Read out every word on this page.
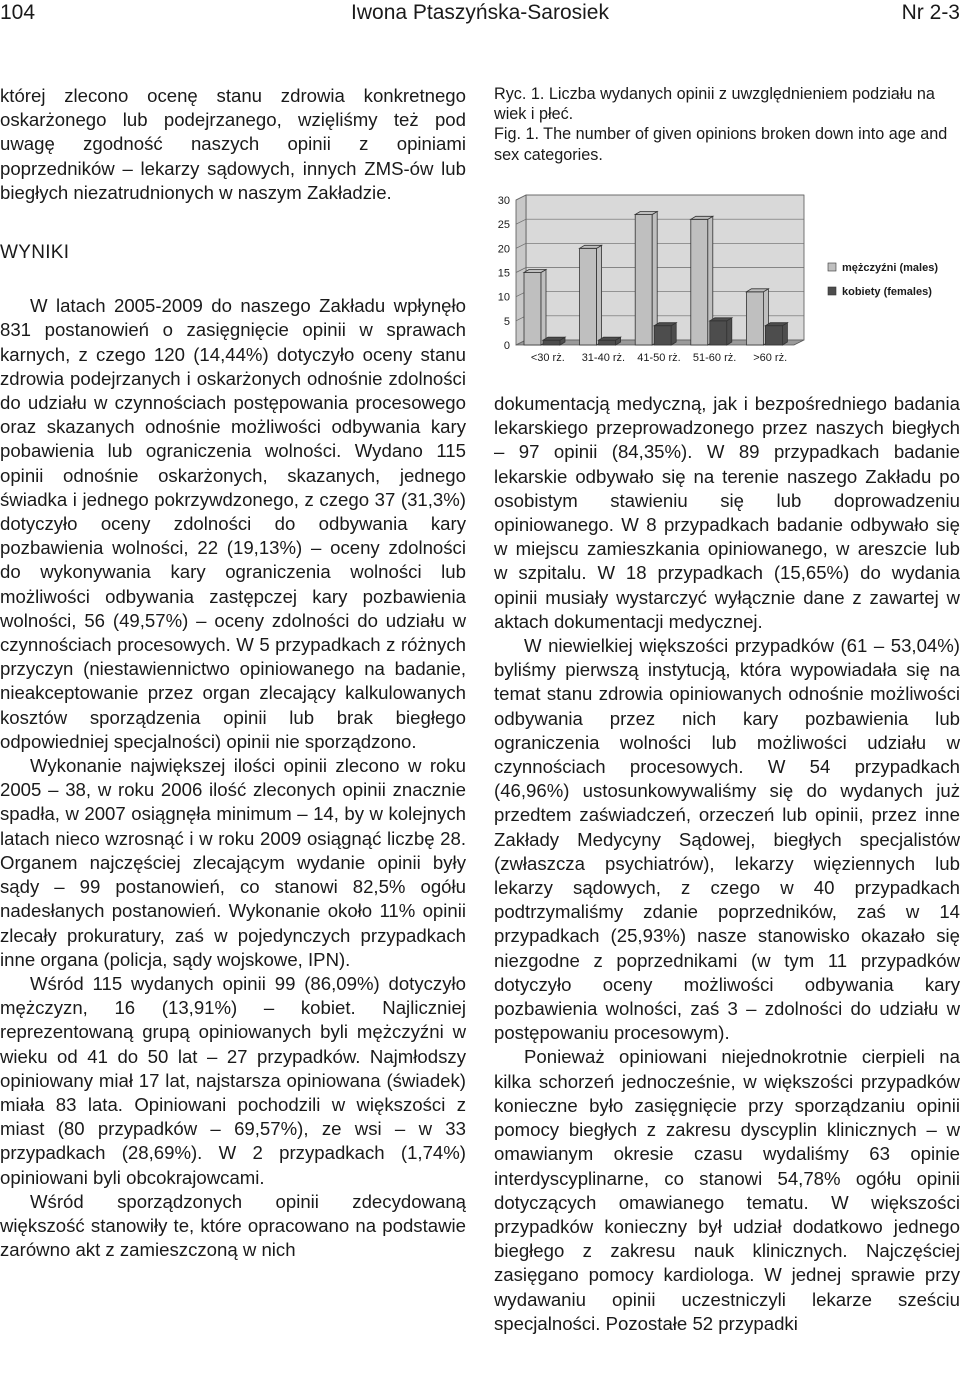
104	Iwona Ptaszyńska-Sarosiek	Nr 2-3

której zlecono ocenę stanu zdrowia konkretnego oskarżonego lub podejrzanego, wzięliśmy też pod uwagę zgodność naszych opinii z opiniami poprzedników – lekarzy sądowych, innych ZMS-ów lub biegłych niezatrudnionych w naszym Zakładzie.

WYNIKI

W latach 2005-2009 do naszego Zakładu wpłynęło 831 postanowień o zasięgnięcie opinii w sprawach karnych, z czego 120 (14,44%) dotyczyło oceny stanu zdrowia podejrzanych i oskarżonych odnośnie zdolności do udziału w czynnościach postępowania procesowego oraz skazanych odnośnie możliwości odbywania kary pobawienia lub ograniczenia wolności. Wydano 115 opinii odnośnie oskarżonych, skazanych, jednego świadka i jednego pokrzywdzonego, z czego 37 (31,3%) dotyczyło oceny zdolności do odbywania kary pozbawienia wolności, 22 (19,13%) – oceny zdolności do wykonywania kary ograniczenia wolności lub możliwości odbywania zastępczej kary pozbawienia wolności, 56 (49,57%) – oceny zdolności do udziału w czynnościach procesowych. W 5 przypadkach z różnych przyczyn (niestawiennictwo opiniowanego na badanie, nieakceptowanie przez organ zlecający kalkulowanych kosztów sporządzenia opinii lub brak biegłego odpowiedniej specjalności) opinii nie sporządzono.

Wykonanie największej ilości opinii zlecono w roku 2005 – 38, w roku 2006 ilość zleconych opinii znacznie spadła, w 2007 osiągnęła minimum – 14, by w kolejnych latach nieco wzrosnąć i w roku 2009 osiągnąć liczbę 28. Organem najczęściej zlecającym wydanie opinii były sądy – 99 postanowień, co stanowi 82,5% ogółu nadesłanych postanowień. Wykonanie około 11% opinii zlecały prokuratury, zaś w pojedynczych przypadkach inne organa (policja, sądy wojskowe, IPN).

Wśród 115 wydanych opinii 99 (86,09%) dotyczyło mężczyzn, 16 (13,91%) – kobiet. Najliczniej reprezentowaną grupą opiniowanych byli mężczyźni w wieku od 41 do 50 lat – 27 przypadków. Najmłodszy opiniowany miał 17 lat, najstarsza opiniowana (świadek) miała 83 lata. Opiniowani pochodzili w większości z miast (80 przypadków – 69,57%), ze wsi – w 33 przypadkach (28,69%). W 2 przypadkach (1,74%) opiniowani byli obcokrajowcami.

Wśród sporządzonych opinii zdecydowaną większość stanowiły te, które opracowano na podstawie zarówno akt z zamieszczoną w nich

Ryc. 1. Liczba wydanych opinii z uwzględnieniem podziału na wiek i płeć.

Fig. 1. The number of given opinions broken down into age and sex categories.

0
5
10
15
20
25
30
<30 rż. 31-40 rż. 41-50 rż. 51-60 rż. >60 rż.
mężczyźni (males)
kobiety (females)

dokumentacją medyczną, jak i bezpośredniego badania lekarskiego przeprowadzonego przez naszych biegłych – 97 opinii (84,35%). W 89 przypadkach badanie lekarskie odbywało się na terenie naszego Zakładu po osobistym stawieniu się lub doprowadzeniu opiniowanego. W 8 przypadkach badanie odbywało się w miejscu zamieszkania opiniowanego, w areszcie lub w szpitalu. W 18 przypadkach (15,65%) do wydania opinii musiały wystarczyć wyłącznie dane z zawartej w aktach dokumentacji medycznej.

W niewielkiej większości przypadków (61 – 53,04%) byliśmy pierwszą instytucją, która wypowiadała się na temat stanu zdrowia opiniowanych odnośnie możliwości odbywania przez nich kary pozbawienia lub ograniczenia wolności lub możliwości udziału w czynnościach procesowych. W 54 przypadkach (46,96%) ustosunkowywaliśmy się do wydanych już przedtem zaświadczeń, orzeczeń lub opinii, przez inne Zakłady Medycyny Sądowej, biegłych specjalistów (zwłaszcza psychiatrów), lekarzy więziennych lub lekarzy sądowych, z czego w 40 przypadkach podtrzymaliśmy zdanie poprzedników, zaś w 14 przypadkach (25,93%) nasze stanowisko okazało się niezgodne z poprzednikami (w tym 11 przypadków dotyczyło oceny możliwości odbywania kary pozbawienia wolności, zaś 3 – zdolności do udziału w postępowaniu procesowym).

Ponieważ opiniowani niejednokrotnie cierpieli na kilka schorzeń jednocześnie, w większości przypadków konieczne było zasięgnięcie przy sporządzaniu opinii pomocy biegłych z zakresu dyscyplin klinicznych – w omawianym okresie czasu wydaliśmy 63 opinie interdyscyplinarne, co stanowi 54,78% ogółu opinii dotyczących omawianego tematu. W większości przypadków konieczny był udział dodatkowo jednego biegłego z zakresu nauk klinicznych. Najczęściej zasięgano pomocy kardiologa. W jednej sprawie przy wydawaniu opinii uczestniczyli lekarze sześciu specjalności. Pozostałe 52 przypadki
